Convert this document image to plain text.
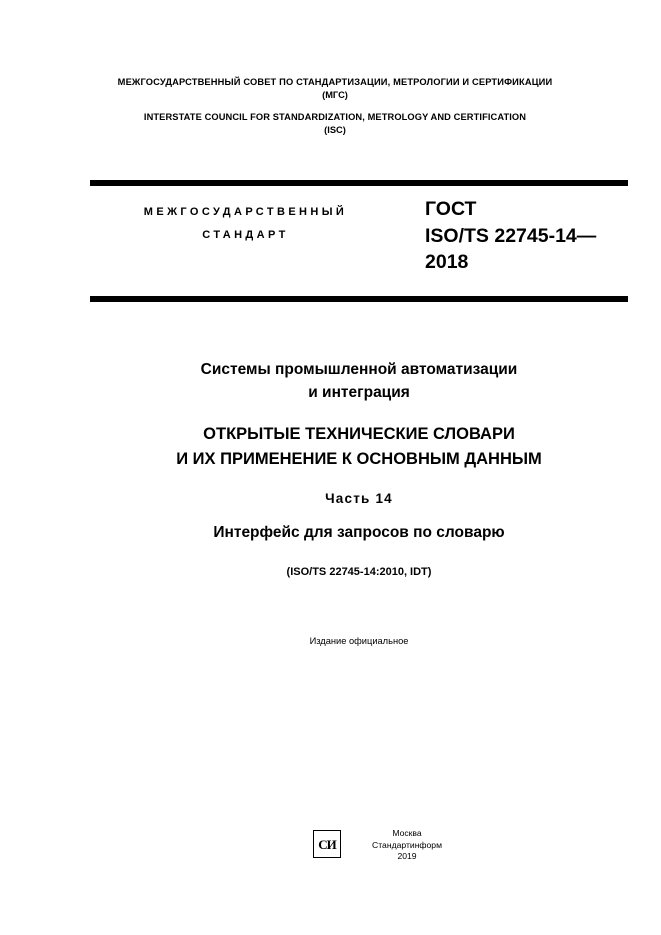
МЕЖГОСУДАРСТВЕННЫЙ СОВЕТ ПО СТАНДАРТИЗАЦИИ, МЕТРОЛОГИИ И СЕРТИФИКАЦИИ
(МГС)
INTERSTATE COUNCIL FOR STANDARDIZATION, METROLOGY AND CERTIFICATION
(ISC)
МЕЖГОСУДАРСТВЕННЫЙ
СТАНДАРТ
ГОСТ
ISO/TS 22745-14—
2018
Системы промышленной автоматизации
и интеграция
ОТКРЫТЫЕ ТЕХНИЧЕСКИЕ СЛОВАРИ
И ИХ ПРИМЕНЕНИЕ К ОСНОВНЫМ ДАННЫМ
Часть 14
Интерфейс для запросов по словарю
(ISO/TS 22745-14:2010, IDT)
Издание официальное
СИ
Москва
Стандартинформ
2019
